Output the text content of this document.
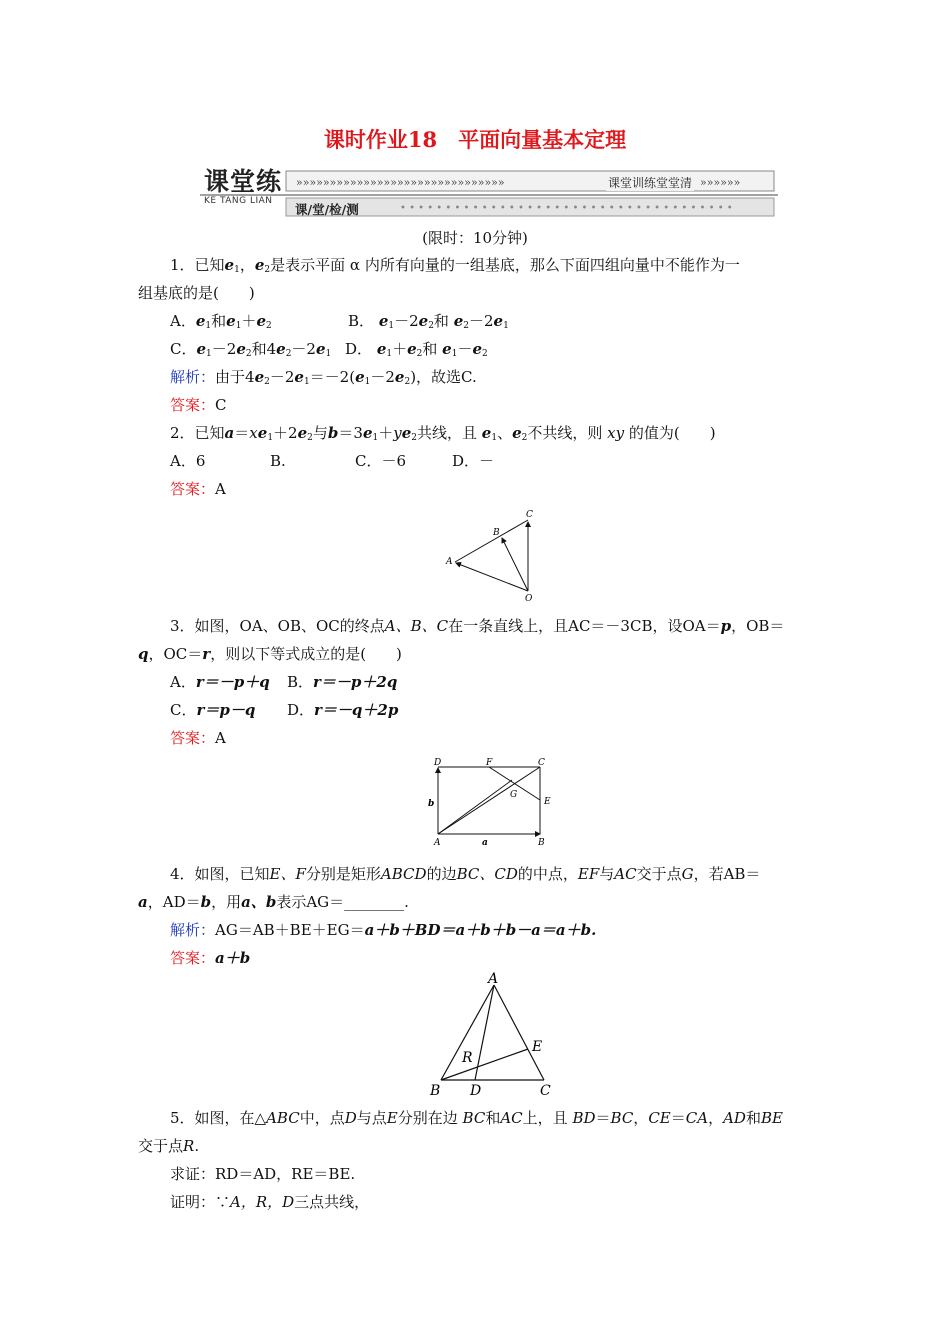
课时作业18　平面向量基本定理
»»»»»»»»»»»»»»»»»»»»»»»»»»»»»»»
• • • • • • • • • • • • • • • • • • • • • • • • • • • • • • • • • • • • •
»»»»»»
课堂练
KE TANG LIAN
课堂训练堂堂清
课/堂/检/测
(限时：10分钟)
1．已知$e_1$，$e_2$是表示平面 α 内所有向量的一组基底，那么下面四组向量中不能作为一
组基底的是(　　)
A．$e_1$和$e_1+e_2$	B． $e_1-2e_2$和 $e_2-2e_1$
C．$e_1-2e_2$和$4e_2-2e_1$ D． $e_1+e_2$和 $e_1-e_2$
解析：由于$4e_2-2e_1=-2(e_1-2e_2)$，故选C.
答案：C
2．已知$a=xe_1+2e_2$与$b=3e_1+ye_2$共线，且 $e_1$、$e_2$不共线，则 xy 的值为(　　)
A．6	B.	C．－6	D．－
答案：A
A
B
C
O
3．如图，OA、OB、OC的终点A、B、C在一条直线上，且AC＝－3CB，设OA＝p，OB＝
q，OC＝r，则以下等式成立的是(　　)
A．r＝－p＋q B．r＝－p＋2q
C．r＝p－q D．r＝－q＋2p
答案：A
D	F	C
G
E
A	B
b
a
4．如图，已知E、F分别是矩形ABCD的边BC、CD的中点，EF与AC交于点G，若AB＝
a，AD＝b，用a、b表示AG＝________.
解析：AG＝AB＋BE＋EG＝a＋b＋BD＝a＋b＋b－a＝a＋b.
答案：a＋b
A
B D	C
E
R
5．如图，在△ABC中，点D与点E分别在边 BC和AC上，且 BD＝BC，CE＝CA，AD和BE
交于点R.
求证：RD＝AD，RE＝BE.
证明：∵A，R，D三点共线，
